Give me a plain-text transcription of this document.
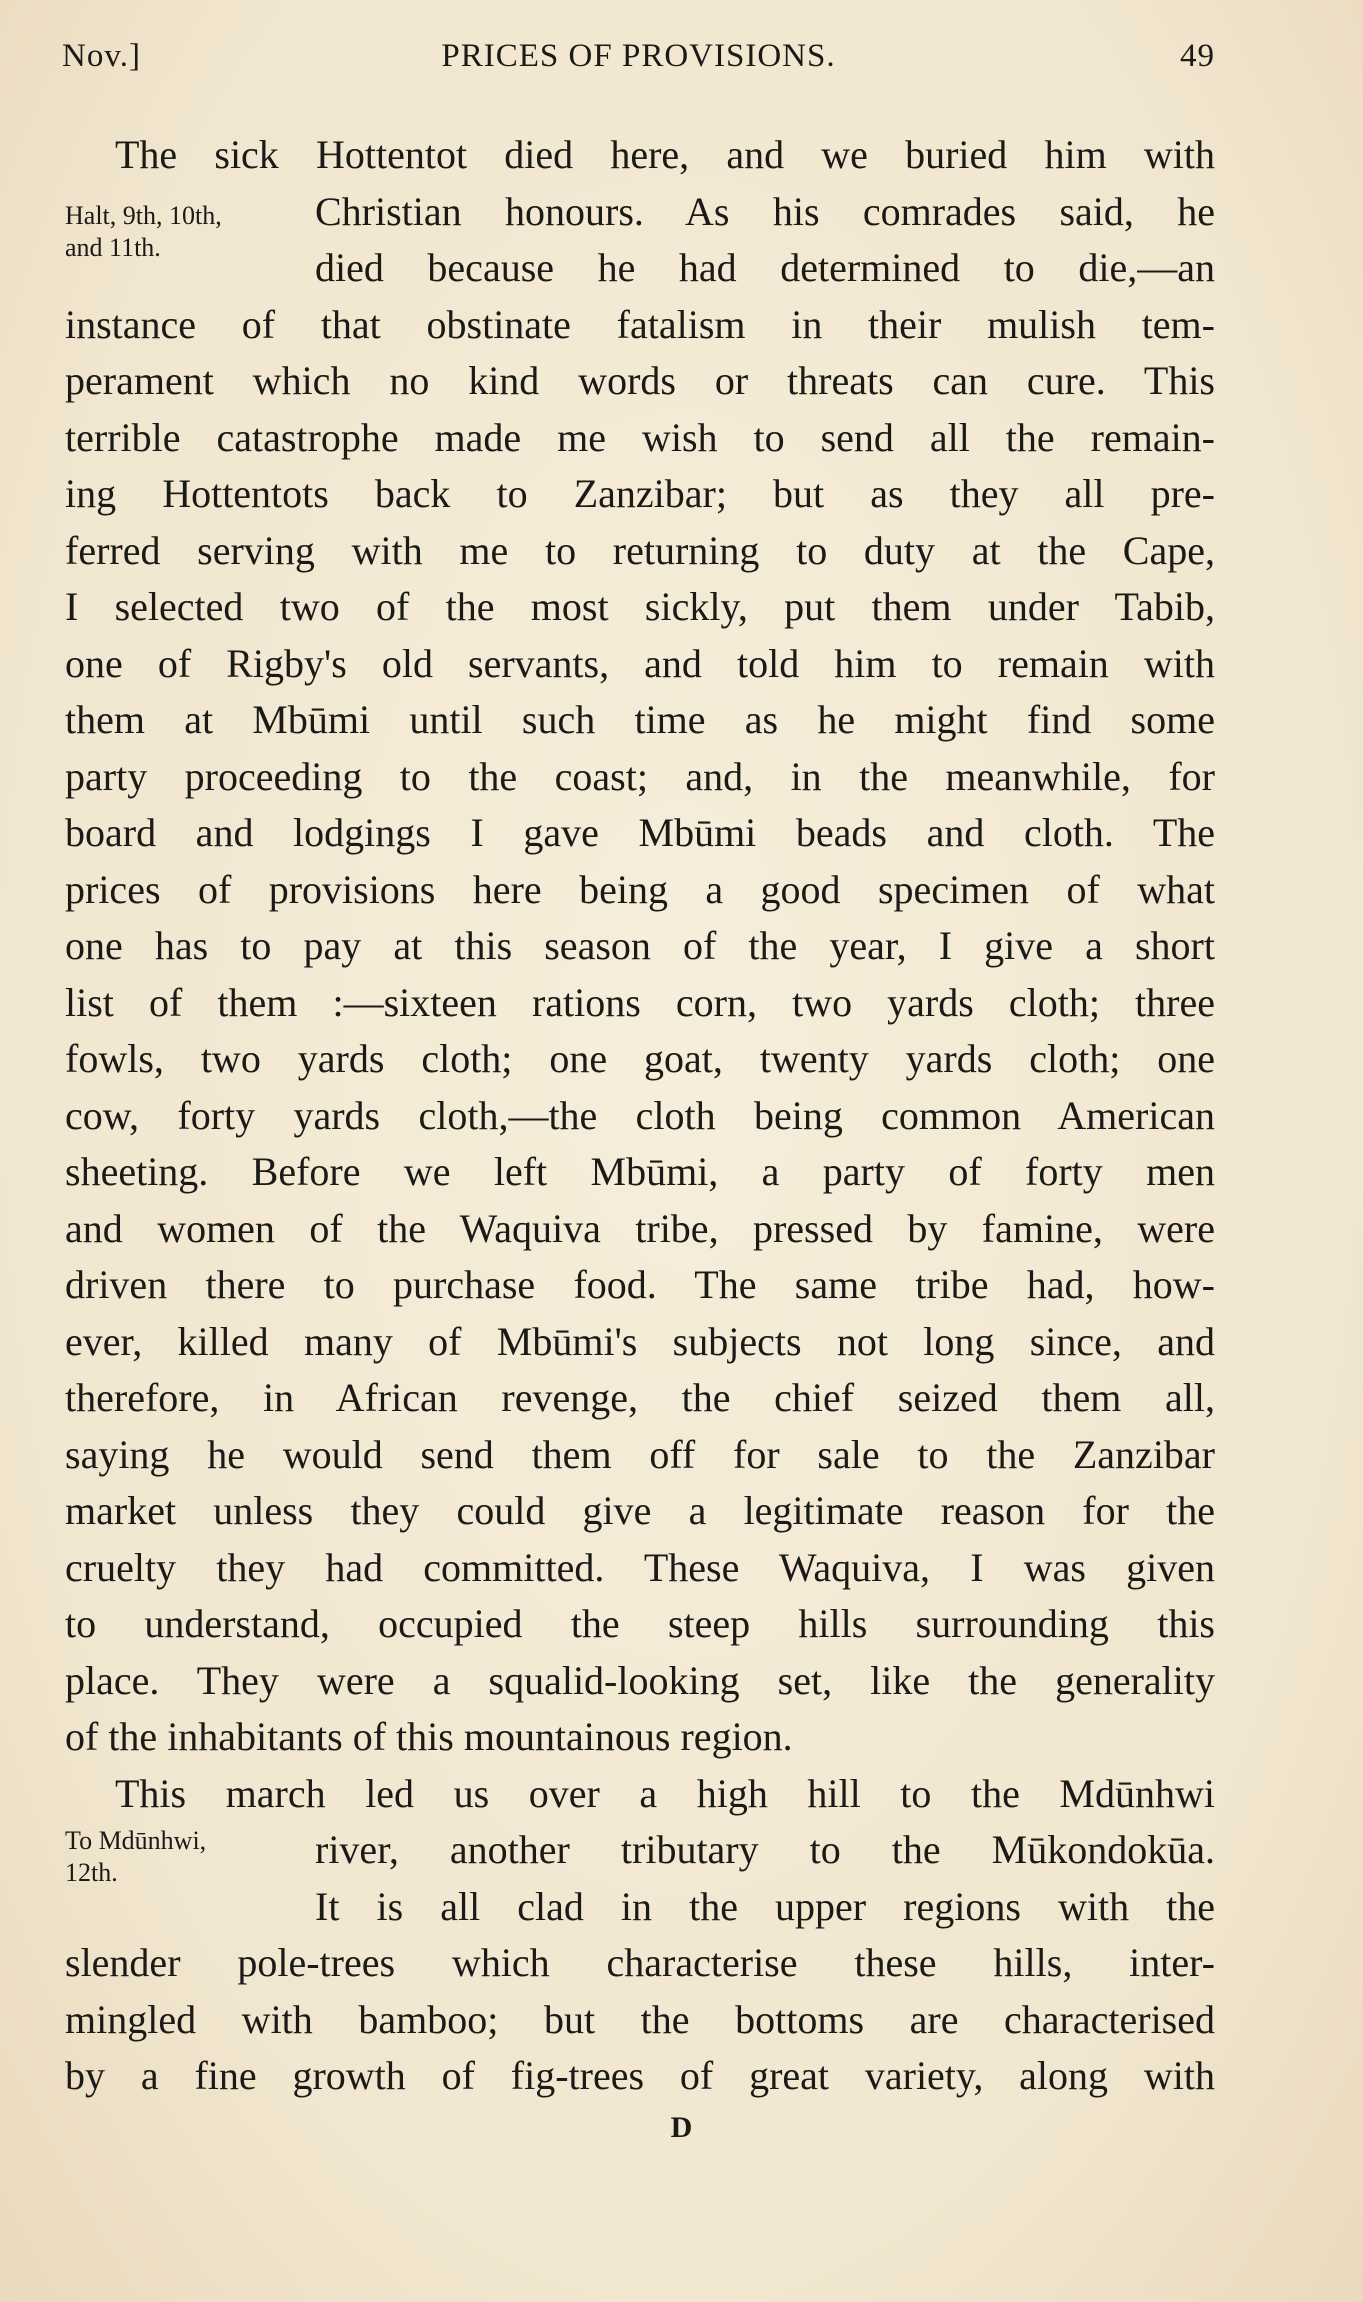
Nov.]	PRICES OF PROVISIONS.	49
Halt, 9th, 10th,
and 11th.
To Mdūnhwi,
12th.
The sick Hottentot died here, and we buried him with
Christian honours. As his comrades said, he
died because he had determined to die,—an
instance of that obstinate fatalism in their mulish tem-
perament which no kind words or threats can cure. This
terrible catastrophe made me wish to send all the remain-
ing Hottentots back to Zanzibar; but as they all pre-
ferred serving with me to returning to duty at the Cape,
I selected two of the most sickly, put them under Tabib,
one of Rigby's old servants, and told him to remain with
them at Mbūmi until such time as he might find some
party proceeding to the coast; and, in the meanwhile, for
board and lodgings I gave Mbūmi beads and cloth. The
prices of provisions here being a good specimen of what
one has to pay at this season of the year, I give a short
list of them :—sixteen rations corn, two yards cloth; three
fowls, two yards cloth; one goat, twenty yards cloth; one
cow, forty yards cloth,—the cloth being common American
sheeting. Before we left Mbūmi, a party of forty men
and women of the Waquiva tribe, pressed by famine, were
driven there to purchase food. The same tribe had, how-
ever, killed many of Mbūmi's subjects not long since, and
therefore, in African revenge, the chief seized them all,
saying he would send them off for sale to the Zanzibar
market unless they could give a legitimate reason for the
cruelty they had committed. These Waquiva, I was given
to understand, occupied the steep hills surrounding this
place. They were a squalid-looking set, like the generality
of the inhabitants of this mountainous region.
This march led us over a high hill to the Mdūnhwi
river, another tributary to the Mūkondokūa.
It is all clad in the upper regions with the
slender pole-trees which characterise these hills, inter-
mingled with bamboo; but the bottoms are characterised
by a fine growth of fig-trees of great variety, along with
D
